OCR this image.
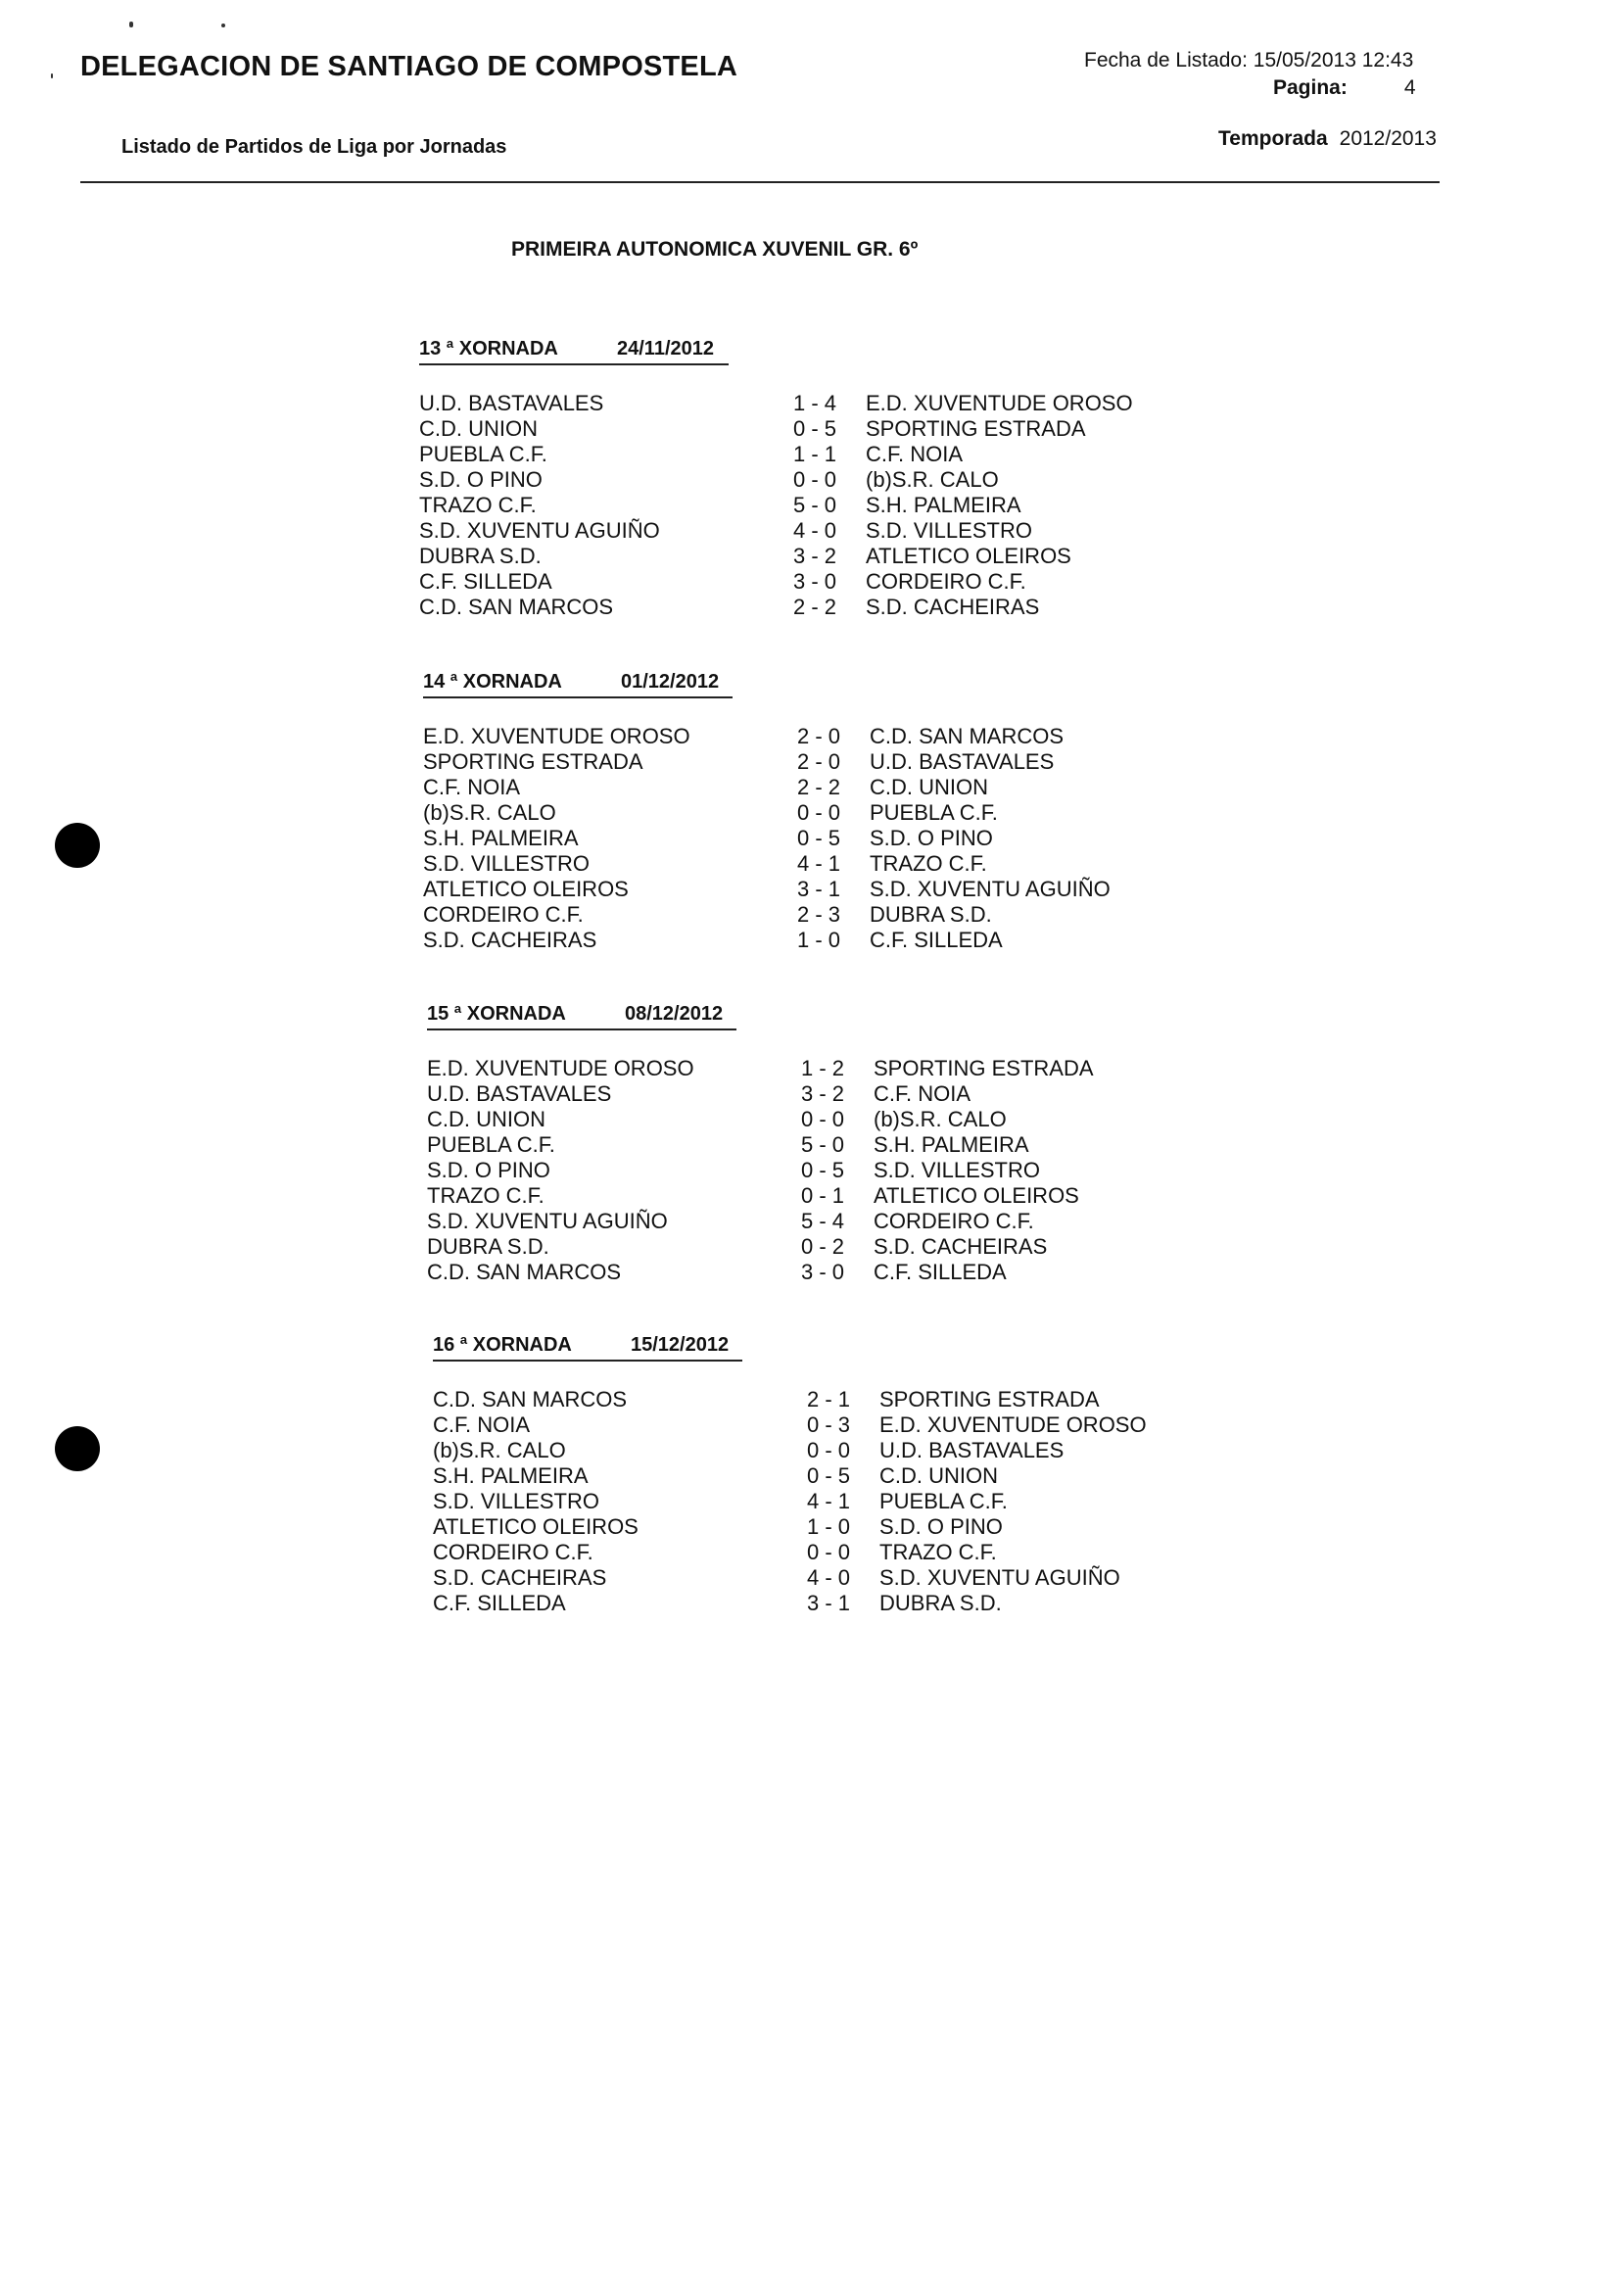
DELEGACION DE SANTIAGO DE COMPOSTELA
Listado de Partidos de Liga por Jornadas
Fecha de Listado: 15/05/2013 12:43
Pagina:	4
Temporada 2012/2013
PRIMEIRA AUTONOMICA XUVENIL GR. 6º
13 ª XORNADA	24/11/2012
U.D. BASTAVALES	1 - 4 E.D. XUVENTUDE OROSO
C.D. UNION	0 - 5 SPORTING ESTRADA
PUEBLA C.F.	1 - 1 C.F. NOIA
S.D. O PINO	0 - 0 (b)S.R. CALO
TRAZO C.F.	5 - 0 S.H. PALMEIRA
S.D. XUVENTU AGUIÑO	4 - 0 S.D. VILLESTRO
DUBRA S.D.	3 - 2 ATLETICO OLEIROS
C.F. SILLEDA	3 - 0 CORDEIRO C.F.
C.D. SAN MARCOS	2 - 2 S.D. CACHEIRAS
14 ª XORNADA	01/12/2012
E.D. XUVENTUDE OROSO	2 - 0 C.D. SAN MARCOS
SPORTING ESTRADA	2 - 0 U.D. BASTAVALES
C.F. NOIA	2 - 2 C.D. UNION
(b)S.R. CALO	0 - 0 PUEBLA C.F.
S.H. PALMEIRA	0 - 5 S.D. O PINO
S.D. VILLESTRO	4 - 1 TRAZO C.F.
ATLETICO OLEIROS	3 - 1 S.D. XUVENTU AGUIÑO
CORDEIRO C.F.	2 - 3 DUBRA S.D.
S.D. CACHEIRAS	1 - 0 C.F. SILLEDA
15 ª XORNADA	08/12/2012
E.D. XUVENTUDE OROSO	1 - 2 SPORTING ESTRADA
U.D. BASTAVALES	3 - 2 C.F. NOIA
C.D. UNION	0 - 0 (b)S.R. CALO
PUEBLA C.F.	5 - 0 S.H. PALMEIRA
S.D. O PINO	0 - 5 S.D. VILLESTRO
TRAZO C.F.	0 - 1 ATLETICO OLEIROS
S.D. XUVENTU AGUIÑO	5 - 4 CORDEIRO C.F.
DUBRA S.D.	0 - 2 S.D. CACHEIRAS
C.D. SAN MARCOS	3 - 0 C.F. SILLEDA
16 ª XORNADA	15/12/2012
C.D. SAN MARCOS	2 - 1 SPORTING ESTRADA
C.F. NOIA	0 - 3 E.D. XUVENTUDE OROSO
(b)S.R. CALO	0 - 0 U.D. BASTAVALES
S.H. PALMEIRA	0 - 5 C.D. UNION
S.D. VILLESTRO	4 - 1 PUEBLA C.F.
ATLETICO OLEIROS	1 - 0 S.D. O PINO
CORDEIRO C.F.	0 - 0 TRAZO C.F.
S.D. CACHEIRAS	4 - 0 S.D. XUVENTU AGUIÑO
C.F. SILLEDA	3 - 1 DUBRA S.D.
